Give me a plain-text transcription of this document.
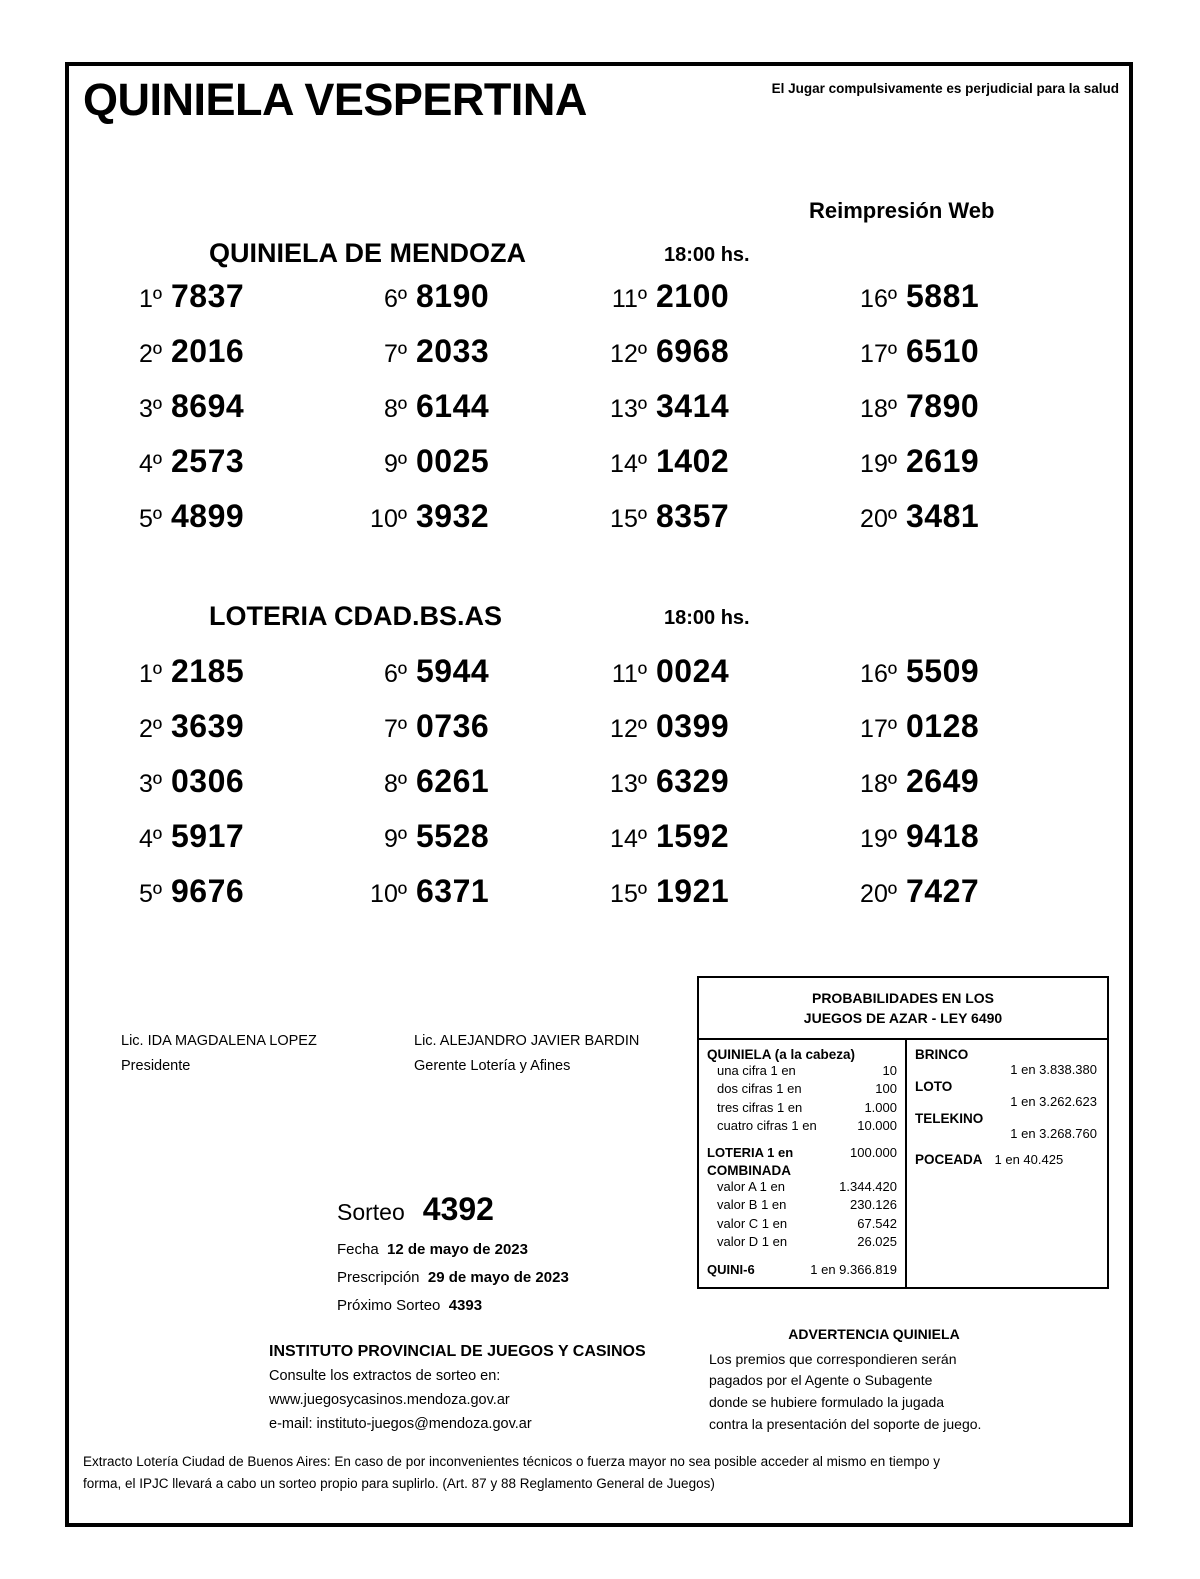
QUINIELA VESPERTINA	El Jugar compulsivamente es perjudicial para la salud
Reimpresión Web
QUINIELA DE MENDOZA	18:00 hs.
1º 7837
2º 2016
3º 8694
4º 2573
5º 4899
6º 8190
7º 2033
8º 6144
9º 0025
10º 3932
11º 2100
12º 6968
13º 3414
14º 1402
15º 8357
16º 5881
17º 6510
18º 7890
19º 2619
20º 3481
LOTERIA CDAD.BS.AS	18:00 hs.
1º 2185
2º 3639
3º 0306
4º 5917
5º 9676
6º 5944
7º 0736
8º 6261
9º 5528
10º 6371
11º 0024
12º 0399
13º 6329
14º 1592
15º 1921
16º 5509
17º 0128
18º 2649
19º 9418
20º 7427
Lic. IDA MAGDALENA LOPEZ
Presidente
Lic. ALEJANDRO JAVIER BARDIN
Gerente Lotería y Afines
Sorteo 4392
Fecha 12 de mayo de 2023
Prescripción 29 de mayo de 2023
Próximo Sorteo 4393
PROBABILIDADES EN LOS
JUEGOS DE AZAR - LEY 6490
QUINIELA (a la cabeza)
una cifra 1 en	10
dos cifras 1 en	100
tres cifras 1 en	1.000
cuatro cifras 1 en	10.000
LOTERIA 1 en	100.000
COMBINADA
valor A 1 en	1.344.420
valor B 1 en	230.126
valor C 1 en	67.542
valor D 1 en	26.025
QUINI-6	1 en 9.366.819
BRINCO
1 en 3.838.380
LOTO
1 en 3.262.623
TELEKINO
1 en 3.268.760
POCEADA 1 en 40.425
ADVERTENCIA QUINIELA
Los premios que correspondieren serán
pagados por el Agente o Subagente
donde se hubiere formulado la jugada
contra la presentación del soporte de juego.
INSTITUTO PROVINCIAL DE JUEGOS Y CASINOS
Consulte los extractos de sorteo en:
www.juegosycasinos.mendoza.gov.ar
e-mail: instituto-juegos@mendoza.gov.ar
Extracto Lotería Ciudad de Buenos Aires: En caso de por inconvenientes técnicos o fuerza mayor no sea posible acceder al mismo en tiempo y
forma, el IPJC llevará a cabo un sorteo propio para suplirlo. (Art. 87 y 88 Reglamento General de Juegos)
